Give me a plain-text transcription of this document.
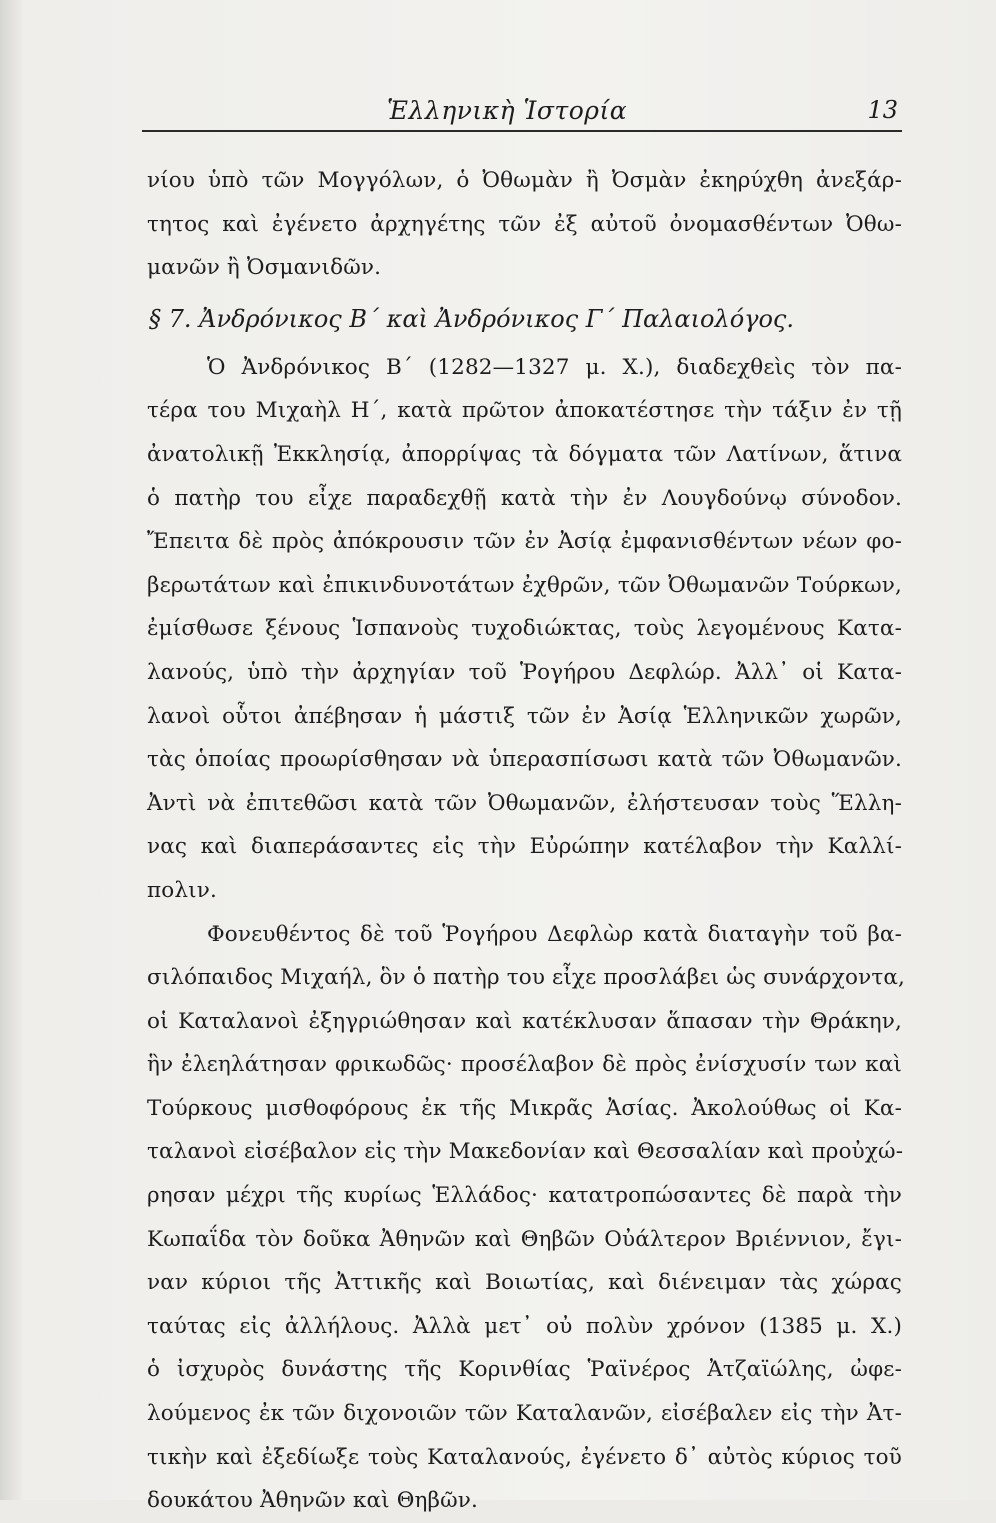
Ἑλληνικὴ Ἱστορία	13
νίου ὑπὸ τῶν Μογγόλων, ὁ Ὀθωμὰν ἢ Ὀσμὰν ἐκηρύχθη ἀνεξάρ-
τητος καὶ ἐγένετο ἀρχηγέτης τῶν ἐξ αὐτοῦ ὀνομασθέντων Ὀθω-
μανῶν ἢ Ὀσμανιδῶν.
§ 7. Ἀνδρόνικος Β΄ καὶ Ἀνδρόνικος Γ΄ Παλαιολόγος.
Ὁ Ἀνδρόνικος Β΄ (1282—1327 μ. Χ.), διαδεχθεὶς τὸν πα-
τέρα του Μιχαὴλ Η΄, κατὰ πρῶτον ἀποκατέστησε τὴν τάξιν ἐν τῇ
ἀνατολικῇ Ἐκκλησίᾳ, ἀπορρίψας τὰ δόγματα τῶν Λατίνων, ἅτινα
ὁ πατὴρ του εἶχε παραδεχθῇ κατὰ τὴν ἐν Λουγδούνῳ σύνοδον.
Ἔπειτα δὲ πρὸς ἀπόκρουσιν τῶν ἐν Ἀσίᾳ ἐμφανισθέντων νέων φο-
βερωτάτων καὶ ἐπικινδυνοτάτων ἐχθρῶν, τῶν Ὀθωμανῶν Τούρκων,
ἐμίσθωσε ξένους Ἱσπανοὺς τυχοδιώκτας, τοὺς λεγομένους Κατα-
λανούς, ὑπὸ τὴν ἀρχηγίαν τοῦ Ῥογήρου Δεφλώρ. Ἀλλ᾽ οἱ Κατα-
λανοὶ οὗτοι ἀπέβησαν ἡ μάστιξ τῶν ἐν Ἀσίᾳ Ἑλληνικῶν χωρῶν,
τὰς ὁποίας προωρίσθησαν νὰ ὑπερασπίσωσι κατὰ τῶν Ὀθωμανῶν.
Ἀντὶ νὰ ἐπιτεθῶσι κατὰ τῶν Ὀθωμανῶν, ἐλήστευσαν τοὺς Ἕλλη-
νας καὶ διαπεράσαντες εἰς τὴν Εὐρώπην κατέλαβον τὴν Καλλί-
πολιν.
Φονευθέντος δὲ τοῦ Ῥογήρου Δεφλὼρ κατὰ διαταγὴν τοῦ βα-
σιλόπαιδος Μιχαήλ, ὃν ὁ πατὴρ του εἶχε προσλάβει ὡς συνάρχοντα,
οἱ Καταλανοὶ ἐξηγριώθησαν καὶ κατέκλυσαν ἅπασαν τὴν Θράκην,
ἣν ἐλεηλάτησαν φρικωδῶς· προσέλαβον δὲ πρὸς ἐνίσχυσίν των καὶ
Τούρκους μισθοφόρους ἐκ τῆς Μικρᾶς Ἀσίας. Ἀκολούθως οἱ Κα-
ταλανοὶ εἰσέβαλον εἰς τὴν Μακεδονίαν καὶ Θεσσαλίαν καὶ προὐχώ-
ρησαν μέχρι τῆς κυρίως Ἑλλάδος· κατατροπώσαντες δὲ παρὰ τὴν
Κωπαΐδα τὸν δοῦκα Ἀθηνῶν καὶ Θηβῶν Οὐάλτερον Βριέννιον, ἔγι-
ναν κύριοι τῆς Ἀττικῆς καὶ Βοιωτίας, καὶ διένειμαν τὰς χώρας
ταύτας εἰς ἀλλήλους. Ἀλλὰ μετ᾽ οὐ πολὺν χρόνον (1385 μ. Χ.)
ὁ ἰσχυρὸς δυνάστης τῆς Κορινθίας Ῥαϊνέρος Ἀτζαϊώλης, ὠφε-
λούμενος ἐκ τῶν διχονοιῶν τῶν Καταλανῶν, εἰσέβαλεν εἰς τὴν Ἀτ-
τικὴν καὶ ἐξεδίωξε τοὺς Καταλανούς, ἐγένετο δ᾽ αὐτὸς κύριος τοῦ
δουκάτου Ἀθηνῶν καὶ Θηβῶν.
